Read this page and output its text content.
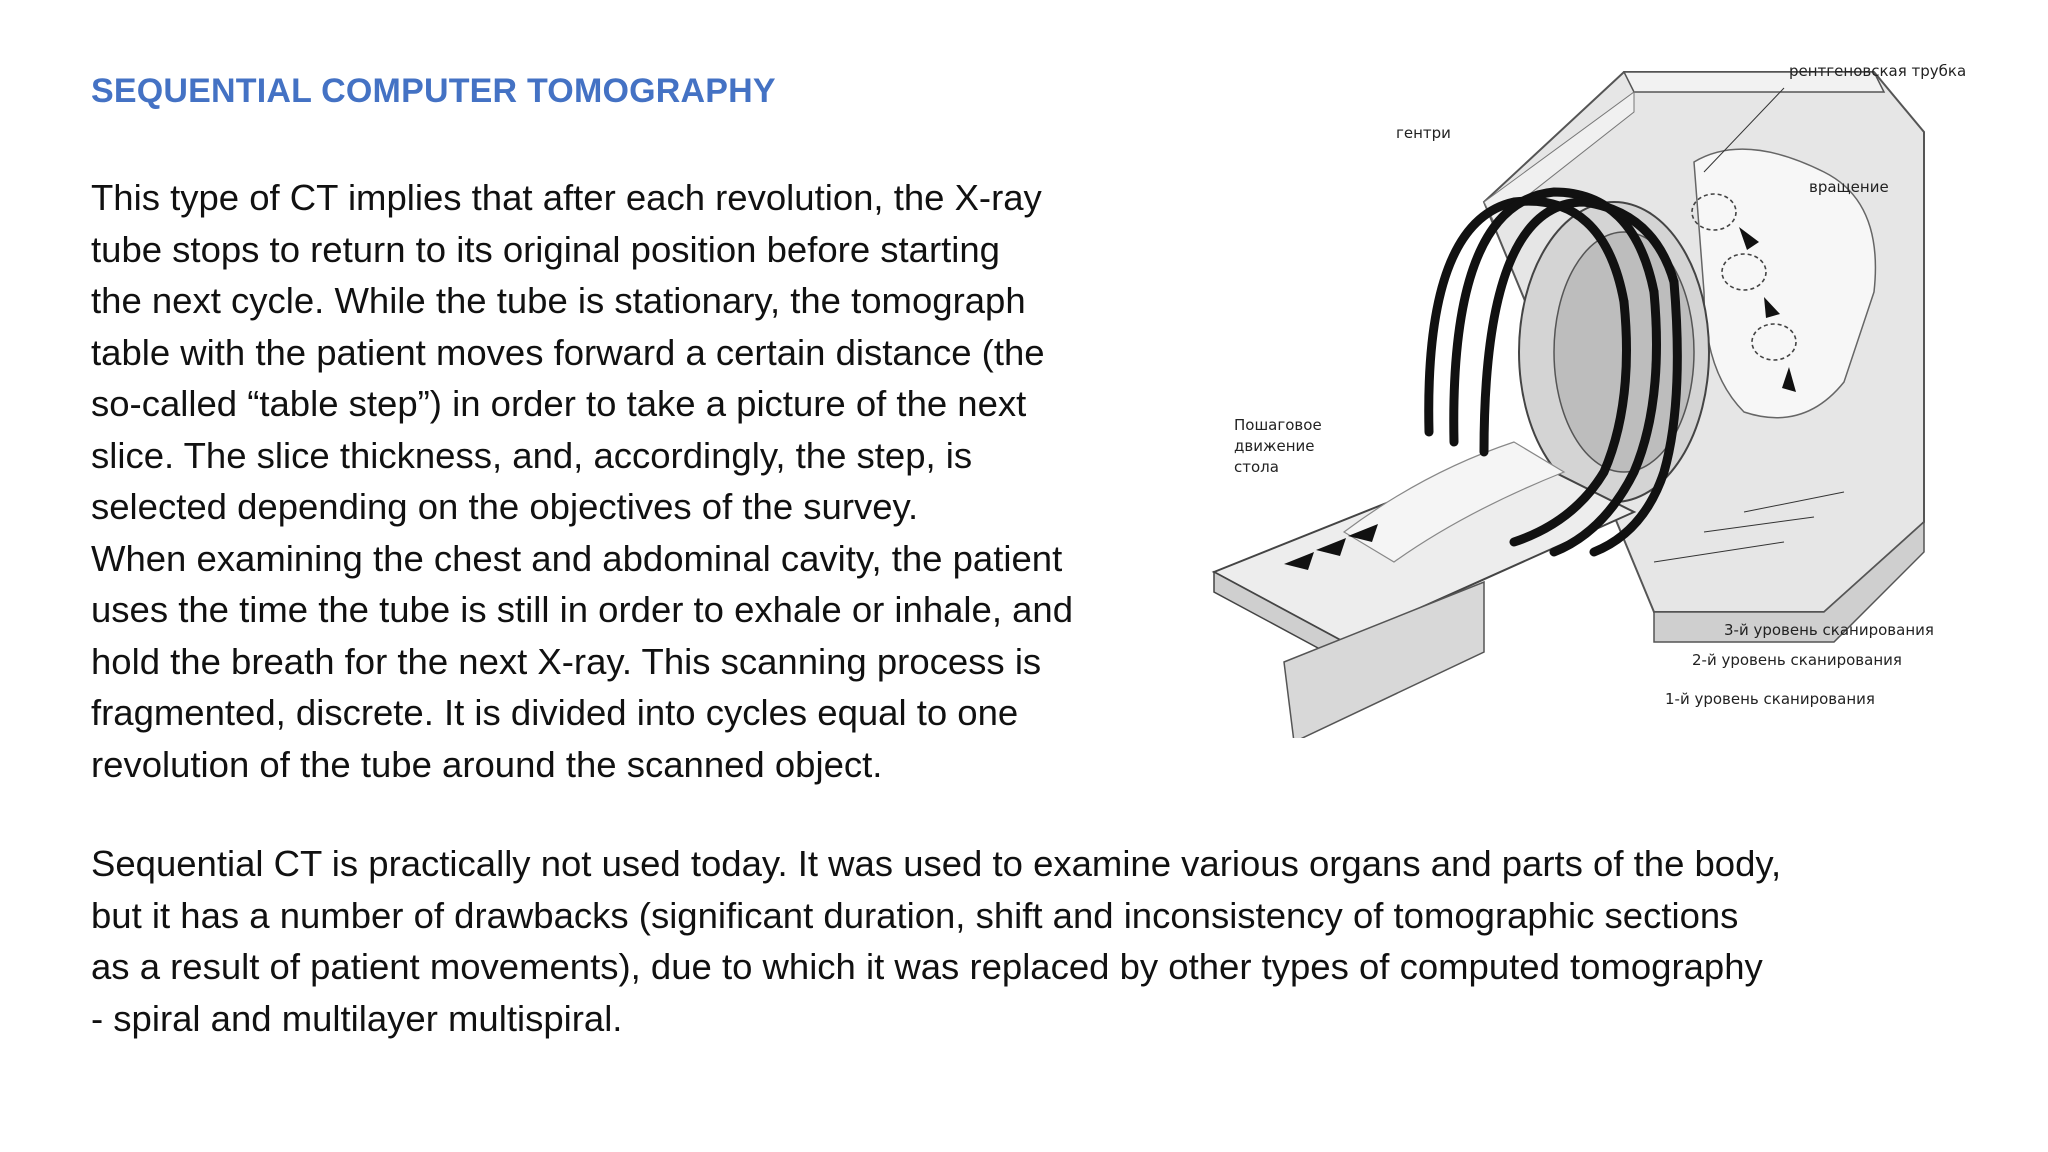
SEQUENTIAL COMPUTER TOMOGRAPHY

This type of CT implies that after each revolution, the X-ray
tube stops to return to its original position before starting
the next cycle. While the tube is stationary, the tomograph
table with the patient moves forward a certain distance (the
so-called “table step”) in order to take a picture of the next
slice. The slice thickness, and, accordingly, the step, is
selected depending on the objectives of the survey.
When examining the chest and abdominal cavity, the patient
uses the time the tube is still in order to exhale or inhale, and
hold the breath for the next X-ray. This scanning process is
fragmented, discrete. It is divided into cycles equal to one
revolution of the tube around the scanned object.

Sequential CT is practically not used today. It was used to examine various organs and parts of the body,
but it has a number of drawbacks (significant duration, shift and inconsistency of tomographic sections
as a result of patient movements), due to which it was replaced by other types of computed tomography
- spiral and multilayer multispiral.

рентгеновская трубка
гентри
вращение
Пошаговое
движение
стола
3-й уровень сканирования
2-й уровень сканирования
1-й уровень сканирования
